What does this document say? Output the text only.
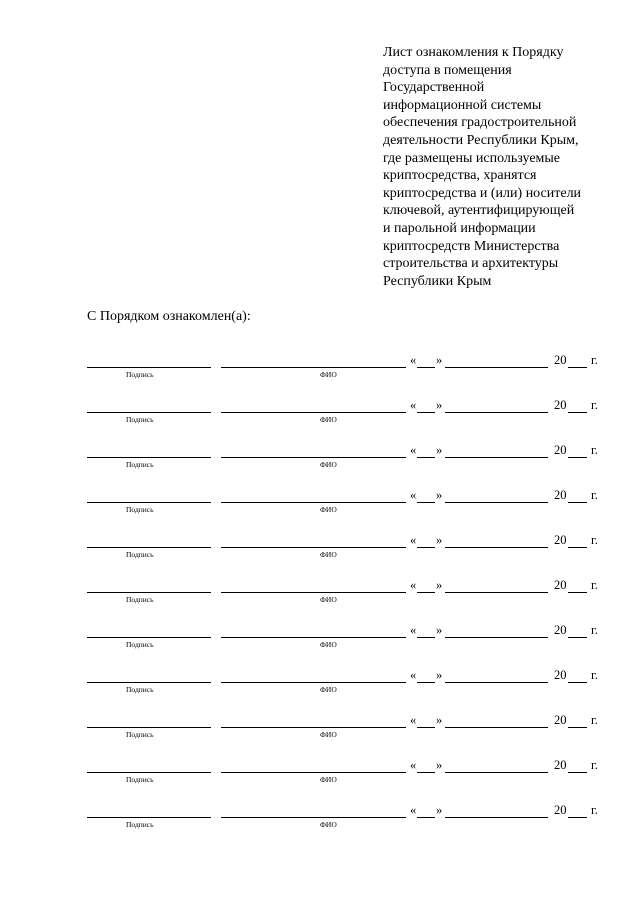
Лист ознакомления к Порядку
доступа в помещения
Государственной
информационной системы
обеспечения градостроительной
деятельности Республики Крым,
где размещены используемые
криптосредства, хранятся
криптосредства и (или) носители
ключевой, аутентифицирующей
и парольной информации
криптосредств Министерства
строительства и архитектуры
Республики Крым
С Порядком ознакомлен(а):
Подпись	ФИО
« »	20 г.
Подпись	ФИО
« »	20 г.
Подпись	ФИО
« »	20 г.
Подпись	ФИО
« »	20 г.
Подпись	ФИО
« »	20 г.
Подпись	ФИО
« »	20 г.
Подпись	ФИО
« »	20 г.
Подпись	ФИО
« »	20 г.
Подпись	ФИО
« »	20 г.
Подпись	ФИО
« »	20 г.
Подпись	ФИО
« »	20 г.
